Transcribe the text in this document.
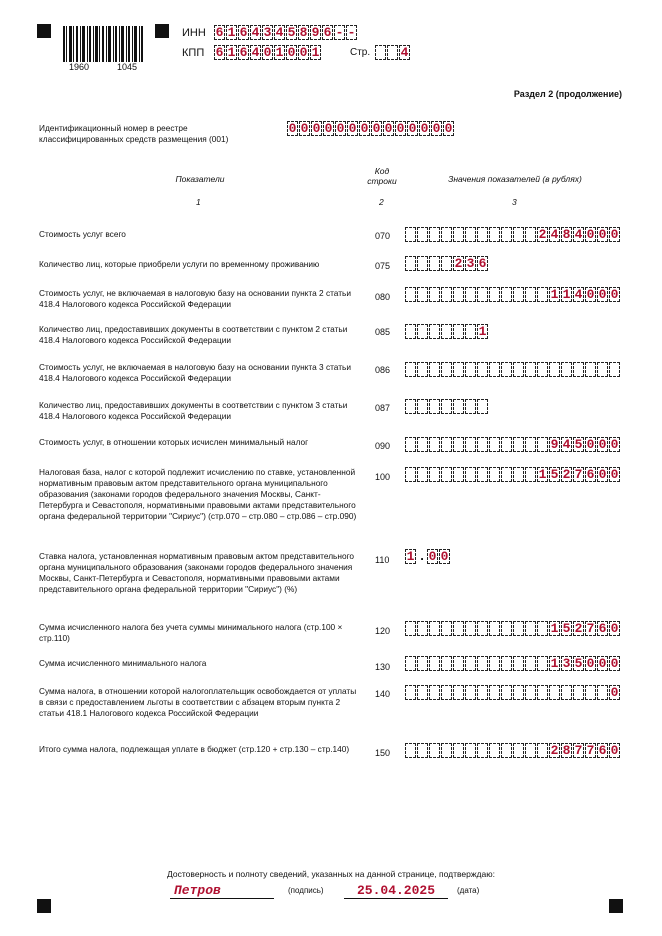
1960	1045
ИНН 6 1 6 4 3 4 5 8 9 6 - -
КПП 6 1 6 4 0 1 0 0 1	Стр. 4
Раздел 2 (продолжение)
Идентификационный номер в реестре
классифицированных средств размещения (001)
0 0 0 0 0 0 0 0 0 0 0 0 0 0
Показатели
Код
строки	Значения показателей (в рублях)
1	2	3
Стоимость услуг всего	070	2 4 8 4 0 0 0
Количество лиц, которые приобрели услуги по временному проживанию	075	2 3 6
Стоимость услуг, не включаемая в налоговую базу на основании пункта 2 статьи 418.4 Налогового кодекса Российской Федерации
080	1 1 4 0 0 0
Количество лиц, предоставивших документы в соответствии с пунктом 2 статьи 418.4 Налогового кодекса Российской Федерации
085	1
Стоимость услуг, не включаемая в налоговую базу на основании пункта 3 статьи 418.4 Налогового кодекса Российской Федерации
086
Количество лиц, предоставивших документы в соответствии с пунктом 3 статьи 418.4 Налогового кодекса Российской Федерации
087
Стоимость услуг, в отношении которых исчислен минимальный налог	090	9 4 5 0 0 0
Налоговая база, налог с которой подлежит исчислению по ставке, установленной нормативным правовым актом представительного органа муниципального образования (законами городов федерального значения Москвы, Санкт-Петербурга и Севастополя, нормативными правовыми актами представительного органа федеральной территории "Сириус") (стр.070 – стр.080 – стр.086 – стр.090)
100	1 5 2 7 6 0 0
Ставка налога, установленная нормативным правовым актом представительного органа муниципального образования (законами городов федерального значения Москвы, Санкт-Петербурга и Севастополя, нормативными правовыми актами представительного органа федеральной территории "Сириус") (%)
110 1 . 0 0
Сумма исчисленного налога без учета суммы минимального налога (стр.100 × стр.110)
120	1 5 2 7 6 0
Сумма исчисленного минимального налога	130	1 3 5 0 0 0
Сумма налога, в отношении которой налогоплательщик освобождается от уплаты в связи с предоставлением льготы в соответствии с абзацем вторым пункта 2 статьи 418.1 Налогового кодекса Российской Федерации
140	0
Итого сумма налога, подлежащая уплате в бюджет (стр.120 + стр.130 – стр.140)	150	2 8 7 7 6 0
Достоверность и полноту сведений, указанных на данной странице, подтверждаю:
Петров	(подпись)	25.04.2025	(дата)
